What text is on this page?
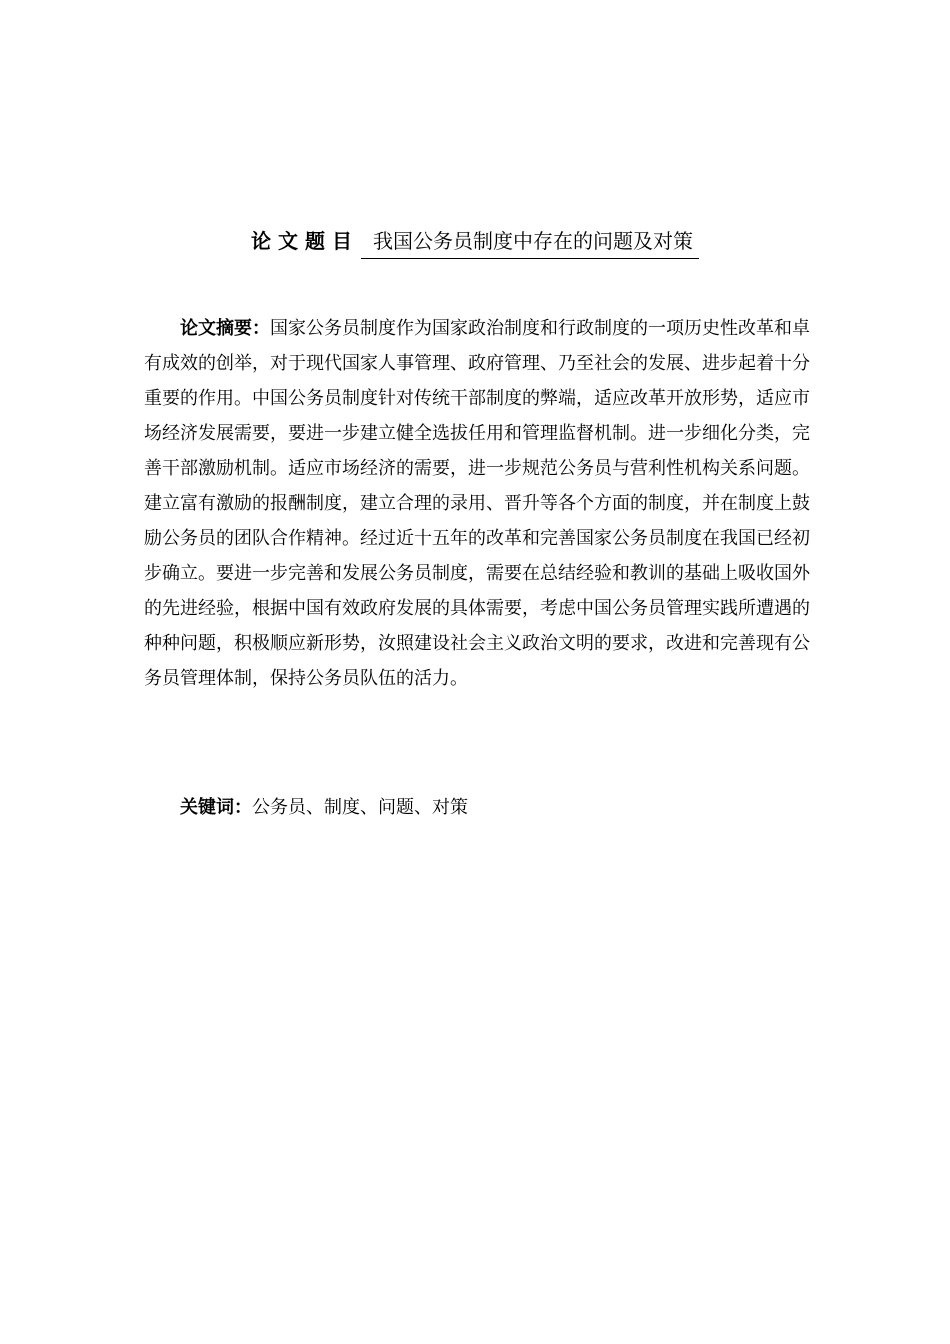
论文题目 我国公务员制度中存在的问题及对策
论文摘要：国家公务员制度作为国家政治制度和行政制度的一项历史性改革和卓有成效的创举，对于现代国家人事管理、政府管理、乃至社会的发展、进步起着十分重要的作用。中国公务员制度针对传统干部制度的弊端，适应改革开放形势，适应市场经济发展需要，要进一步建立健全选拔任用和管理监督机制。进一步细化分类，完善干部激励机制。适应市场经济的需要，进一步规范公务员与营利性机构关系问题。建立富有激励的报酬制度，建立合理的录用、晋升等各个方面的制度，并在制度上鼓励公务员的团队合作精神。经过近十五年的改革和完善国家公务员制度在我国已经初步确立。要进一步完善和发展公务员制度，需要在总结经验和教训的基础上吸收国外的先进经验，根据中国有效政府发展的具体需要，考虑中国公务员管理实践所遭遇的种种问题，积极顺应新形势，汝照建设社会主义政治文明的要求，改进和完善现有公务员管理体制，保持公务员队伍的活力。
关键词：公务员、制度、问题、对策
